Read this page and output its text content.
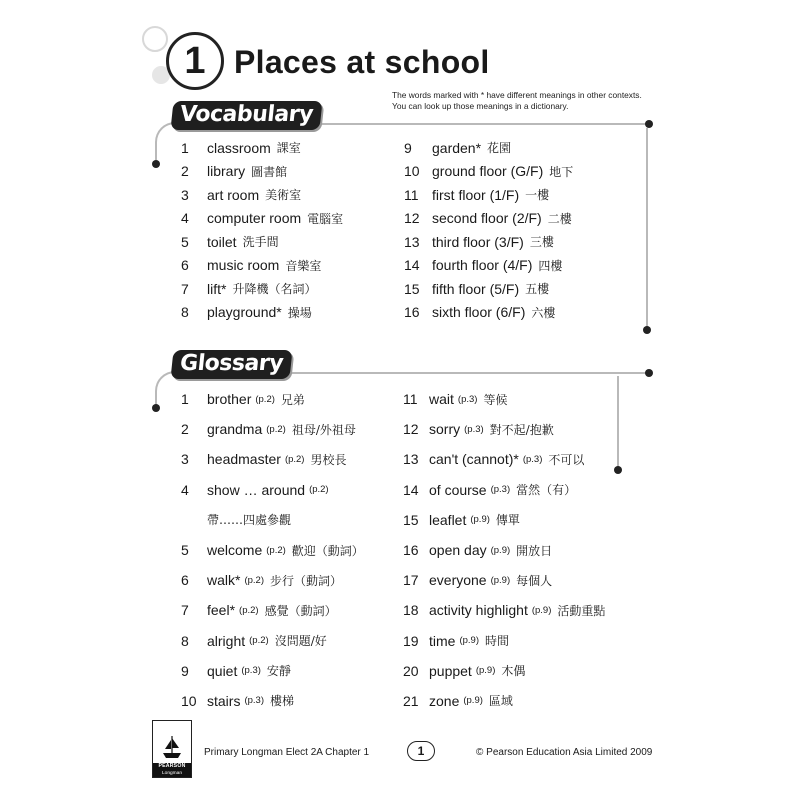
1 Places at school
The words marked with * have different meanings in other contexts. You can look up those meanings in a dictionary.
Vocabulary
1	classroom 課室
2	library 圖書館
3	art room 美術室
4	computer room 電腦室
5	toilet 洗手間
6	music room 音樂室
7	lift* 升降機（名詞）
8	playground* 操場
9	garden* 花園
10 ground floor (G/F) 地下
11 first floor (1/F) 一樓
12 second floor (2/F) 二樓
13 third floor (3/F) 三樓
14 fourth floor (4/F) 四樓
15 fifth floor (5/F) 五樓
16 sixth floor (6/F) 六樓
Glossary
1	brother (p.2) 兄弟
2	grandma (p.2) 祖母/外祖母
3	headmaster (p.2) 男校長
4	show … around (p.2)
帶……四處參觀
5	welcome (p.2) 歡迎（動詞）
6	walk* (p.2) 步行（動詞）
7	feel* (p.2) 感覺（動詞）
8	alright (p.2) 沒問題/好
9	quiet (p.3) 安靜
10 stairs (p.3) 樓梯
11 wait (p.3) 等候
12 sorry (p.3) 對不起/抱歉
13 can't (cannot)* (p.3) 不可以
14 of course (p.3) 當然（有）
15 leaflet (p.9) 傳單
16 open day (p.9) 開放日
17 everyone (p.9) 每個人
18 activity highlight (p.9) 活動重點
19 time (p.9) 時間
20 puppet (p.9) 木偶
21 zone (p.9) 區域
PEARSON
Longman
Primary Longman Elect 2A Chapter 1	1	© Pearson Education Asia Limited 2009
